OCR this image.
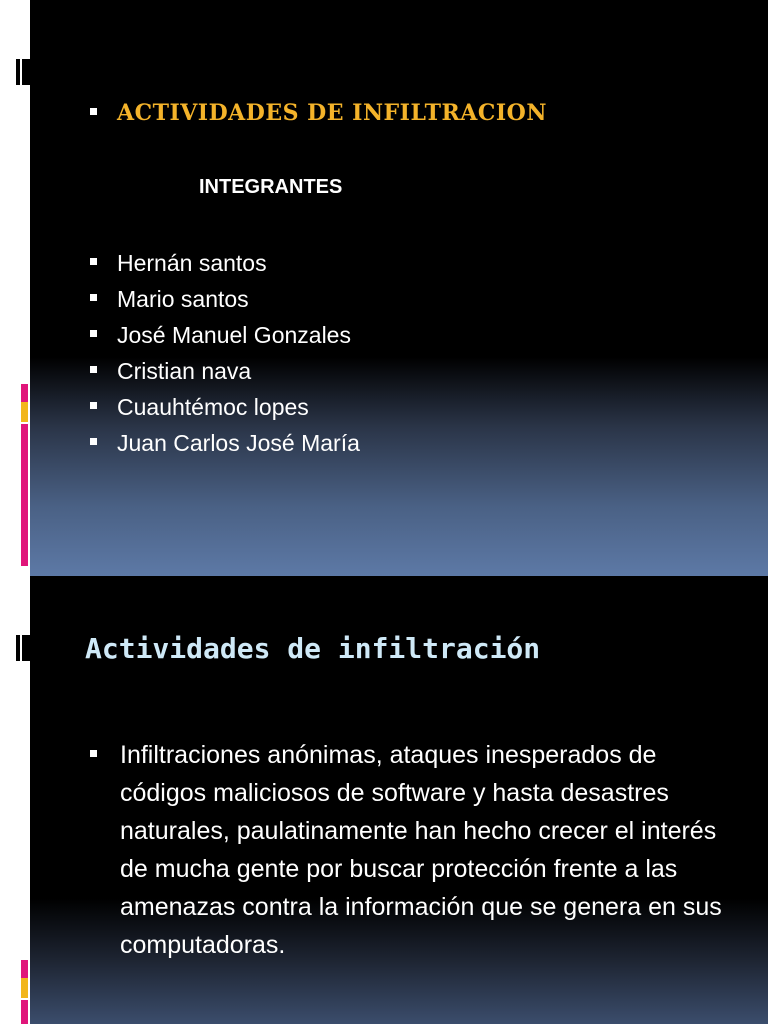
ACTIVIDADES DE INFILTRACION
INTEGRANTES
Hernán santos
Mario santos
José Manuel Gonzales
Cristian nava
Cuauhtémoc lopes
Juan Carlos José María
Actividades de infiltración
Infiltraciones anónimas, ataques inesperados de códigos maliciosos de software y hasta desastres naturales, paulatinamente han hecho crecer el interés de mucha gente por buscar protección frente a las amenazas contra la información que se genera en sus computadoras.
